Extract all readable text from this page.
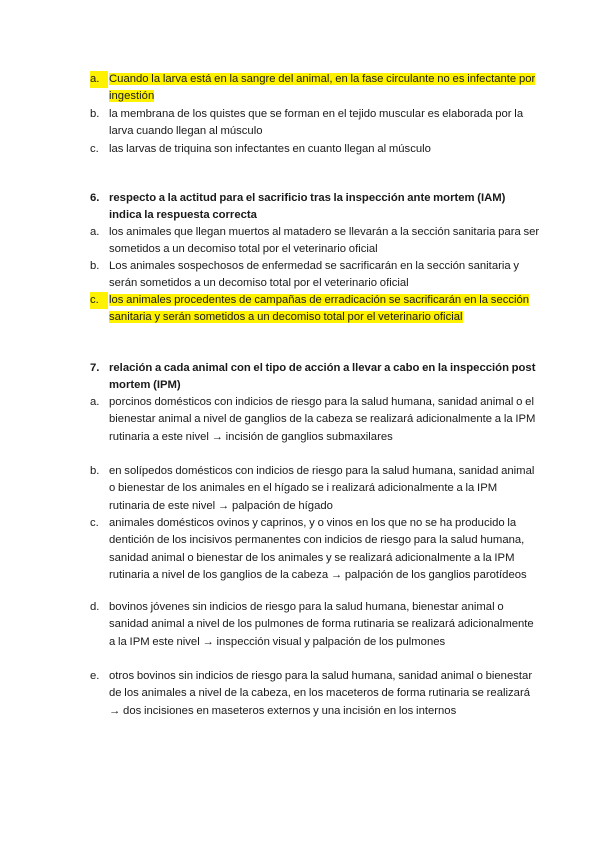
a. Cuando la larva está en la sangre del animal, en la fase circulante no es infectante por ingestión
b. la membrana de los quistes que se forman en el tejido muscular es elaborada por la larva cuando llegan al músculo
c. las larvas de triquina son infectantes en cuanto llegan al músculo
6. respecto a la actitud para el sacrificio tras la inspección ante mortem (IAM) indica la respuesta correcta
a. los animales que llegan muertos al matadero se llevarán a la sección sanitaria para ser sometidos a un decomiso total por el veterinario oficial
b. Los animales sospechosos de enfermedad se sacrificarán en la sección sanitaria y serán sometidos a un decomiso total por el veterinario oficial
c. los animales procedentes de campañas de erradicación se sacrificarán en la sección sanitaria y serán sometidos a un decomiso total por el veterinario oficial
7. relación a cada animal con el tipo de acción a llevar a cabo en la inspección post mortem (IPM)
a. porcinos domésticos con indicios de riesgo para la salud humana, sanidad animal o el bienestar animal a nivel de ganglios de la cabeza se realizará adicionalmente a la IPM rutinaria a este nivel → incisión de ganglios submaxilares
b. en solípedos domésticos con indicios de riesgo para la salud humana, sanidad animal o bienestar de los animales en el hígado se i realizará adicionalmente a la IPM rutinaria de este nivel → palpación de hígado
c. animales domésticos ovinos y caprinos, y o vinos en los que no se ha producido la dentición de los incisivos permanentes con indicios de riesgo para la salud humana, sanidad animal o bienestar de los animales y se realizará adicionalmente a la IPM rutinaria a nivel de los ganglios de la cabeza → palpación de los ganglios parotídeos
d. bovinos jóvenes sin indicios de riesgo para la salud humana, bienestar animal o sanidad animal a nivel de los pulmones de forma rutinaria se realizará adicionalmente a la IPM este nivel → inspección visual y palpación de los pulmones
e. otros bovinos sin indicios de riesgo para la salud humana, sanidad animal o bienestar de los animales a nivel de la cabeza, en los maceteros de forma rutinaria se realizará → dos incisiones en maseteros externos y una incisión en los internos
